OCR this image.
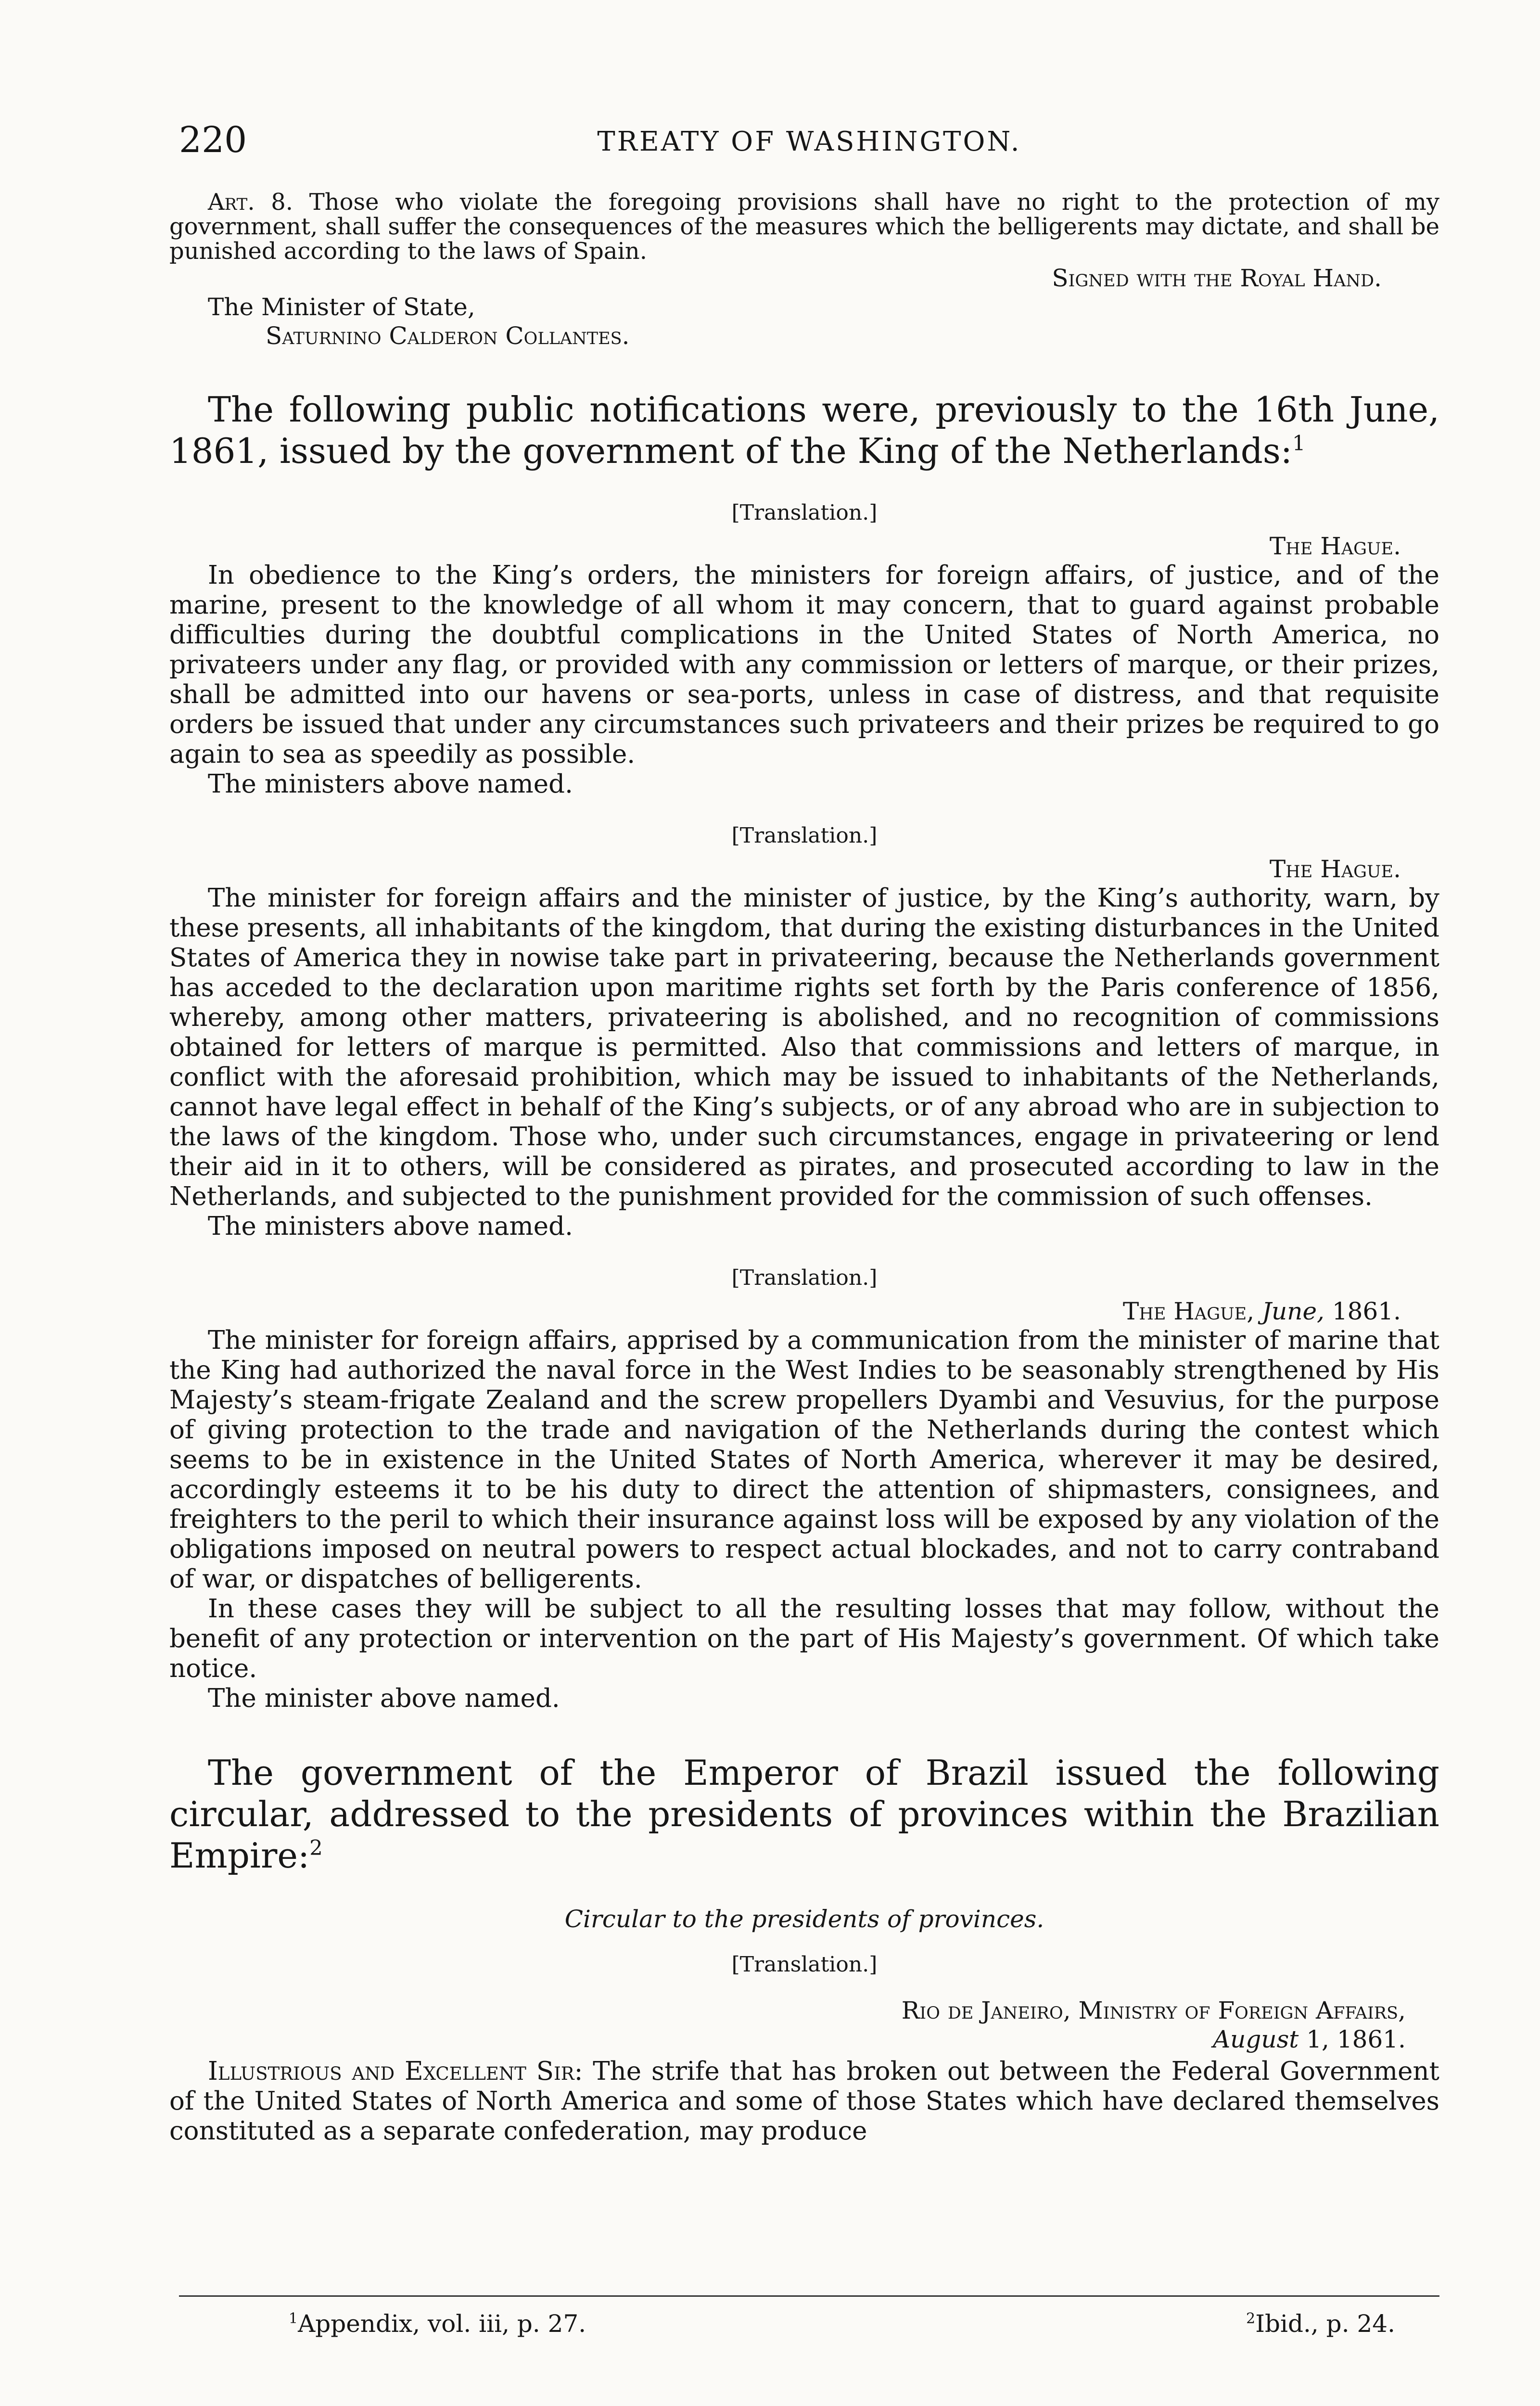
220	TREATY OF WASHINGTON.

Art. 8. Those who violate the foregoing provisions shall have no right to the protection of my government, shall suffer the consequences of the measures which the belligerents may dictate, and shall be punished according to the laws of Spain.

Signed with the Royal Hand.

The Minister of State,

Saturnino Calderon Collantes.

The following public notifications were, previously to the 16th June, 1861, issued by the government of the King of the Netherlands:$^1$

[Translation.]

The Hague.

In obedience to the King’s orders, the ministers for foreign affairs, of justice, and of the marine, present to the knowledge of all whom it may concern, that to guard against probable difficulties during the doubtful complications in the United States of North America, no privateers under any flag, or provided with any commission or letters of marque, or their prizes, shall be admitted into our havens or sea-ports, unless in case of distress, and that requisite orders be issued that under any circumstances such privateers and their prizes be required to go again to sea as speedily as possible.

The ministers above named.

[Translation.]

The Hague.

The minister for foreign affairs and the minister of justice, by the King’s authority, warn, by these presents, all inhabitants of the kingdom, that during the existing disturbances in the United States of America they in nowise take part in privateering, because the Netherlands government has acceded to the declaration upon maritime rights set forth by the Paris conference of 1856, whereby, among other matters, privateering is abolished, and no recognition of commissions obtained for letters of marque is permitted. Also that commissions and letters of marque, in conflict with the aforesaid prohibition, which may be issued to inhabitants of the Netherlands, cannot have legal effect in behalf of the King’s subjects, or of any abroad who are in subjection to the laws of the kingdom. Those who, under such circumstances, engage in privateering or lend their aid in it to others, will be considered as pirates, and prosecuted according to law in the Netherlands, and subjected to the punishment provided for the commission of such offenses.

The ministers above named.

[Translation.]

The Hague, June, 1861.

The minister for foreign affairs, apprised by a communication from the minister of marine that the King had authorized the naval force in the West Indies to be seasonably strengthened by His Majesty’s steam-frigate Zealand and the screw propellers Dyambi and Vesuvius, for the purpose of giving protection to the trade and navigation of the Netherlands during the contest which seems to be in existence in the United States of North America, wherever it may be desired, accordingly esteems it to be his duty to direct the attention of shipmasters, consignees, and freighters to the peril to which their insurance against loss will be exposed by any violation of the obligations imposed on neutral powers to respect actual blockades, and not to carry contraband of war, or dispatches of belligerents.

In these cases they will be subject to all the resulting losses that may follow, without the benefit of any protection or intervention on the part of His Majesty’s government. Of which take notice.

The minister above named.

The government of the Emperor of Brazil issued the following circular, addressed to the presidents of provinces within the Brazilian Empire:$^2$

Circular to the presidents of provinces.

[Translation.]

Rio de Janeiro, Ministry of Foreign Affairs,

August 1, 1861.

Illustrious and Excellent Sir: The strife that has broken out between the Federal Government of the United States of North America and some of those States which have declared themselves constituted as a separate confederation, may produce

$^1$Appendix, vol. iii, p. 27.	$^2$Ibid., p. 24.
